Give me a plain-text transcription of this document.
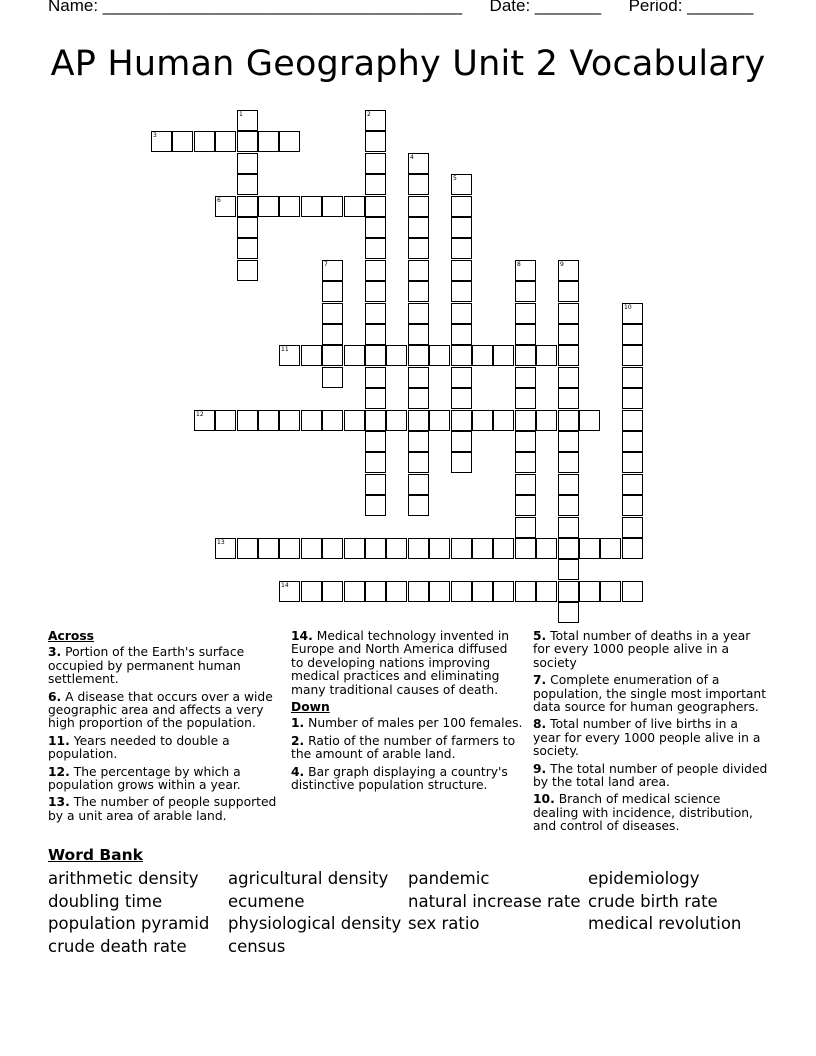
Name: ______________________________________ Date: _______ Period: _______
AP Human Geography Unit 2 Vocabulary
3
6
11
12
13
14
1	2
4
5
7	8	9
10
Across
3. Portion of the Earth's surface occupied by permanent human settlement.
6. A disease that occurs over a wide geographic area and affects a very high proportion of the population.
11. Years needed to double a population.
12. The percentage by which a population grows within a year.
13. The number of people supported by a unit area of arable land.
14. Medical technology invented in Europe and North America diffused to developing nations improving medical practices and eliminating many traditional causes of death.
Down
1. Number of males per 100 females.
2. Ratio of the number of farmers to the amount of arable land.
4. Bar graph displaying a country's distinctive population structure.
5. Total number of deaths in a year for every 1000 people alive in a society
7. Complete enumeration of a population, the single most important data source for human geographers.
8. Total number of live births in a year for every 1000 people alive in a society.
9. The total number of people divided by the total land area.
10. Branch of medical science dealing with incidence, distribution, and control of diseases.
Word Bank
arithmetic density
doubling time
population pyramid
crude death rate
agricultural density
ecumene
physiological density
census
pandemic
natural increase rate
sex ratio
epidemiology
crude birth rate
medical revolution
